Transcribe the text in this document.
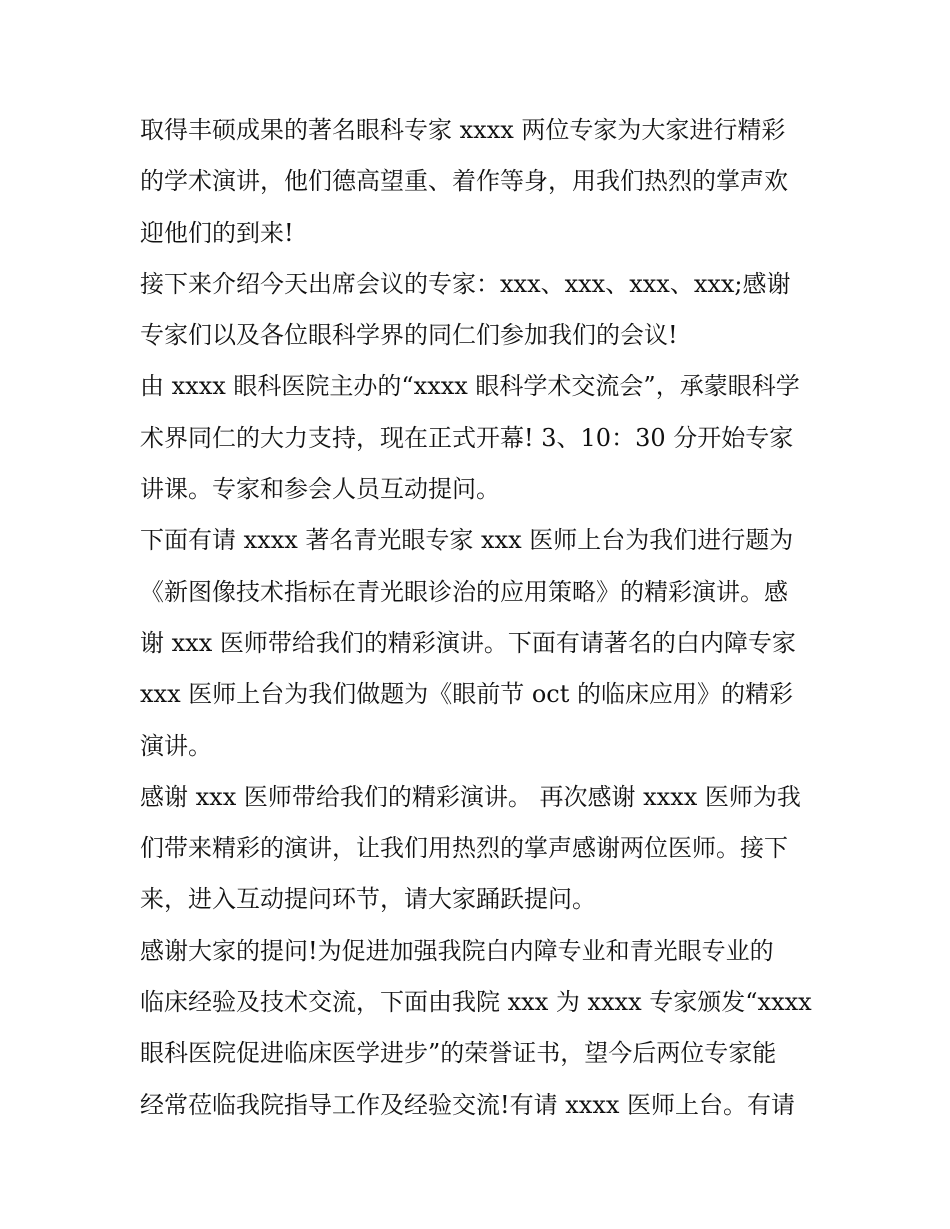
取得丰硕成果的著名眼科专家 xxxx 两位专家为大家进行精彩
的学术演讲，他们德高望重、着作等身，用我们热烈的掌声欢
迎他们的到来!
接下来介绍今天出席会议的专家：xxx、xxx、xxx、xxx;感谢
专家们以及各位眼科学界的同仁们参加我们的会议!
由 xxxx 眼科医院主办的“xxxx 眼科学术交流会”，承蒙眼科学
术界同仁的大力支持，现在正式开幕! 3、10：30 分开始专家
讲课。专家和参会人员互动提问。
下面有请 xxxx 著名青光眼专家 xxx 医师上台为我们进行题为
《新图像技术指标在青光眼诊治的应用策略》的精彩演讲。感
谢 xxx 医师带给我们的精彩演讲。下面有请著名的白内障专家
xxx 医师上台为我们做题为《眼前节 oct 的临床应用》的精彩
演讲。
感谢 xxx 医师带给我们的精彩演讲。 再次感谢 xxxx 医师为我
们带来精彩的演讲，让我们用热烈的掌声感谢两位医师。接下
来，进入互动提问环节，请大家踊跃提问。
感谢大家的提问!为促进加强我院白内障专业和青光眼专业的
临床经验及技术交流，下面由我院 xxx 为 xxxx 专家颁发“xxxx
眼科医院促进临床医学进步”的荣誉证书，望今后两位专家能
经常莅临我院指导工作及经验交流!有请 xxxx 医师上台。有请
